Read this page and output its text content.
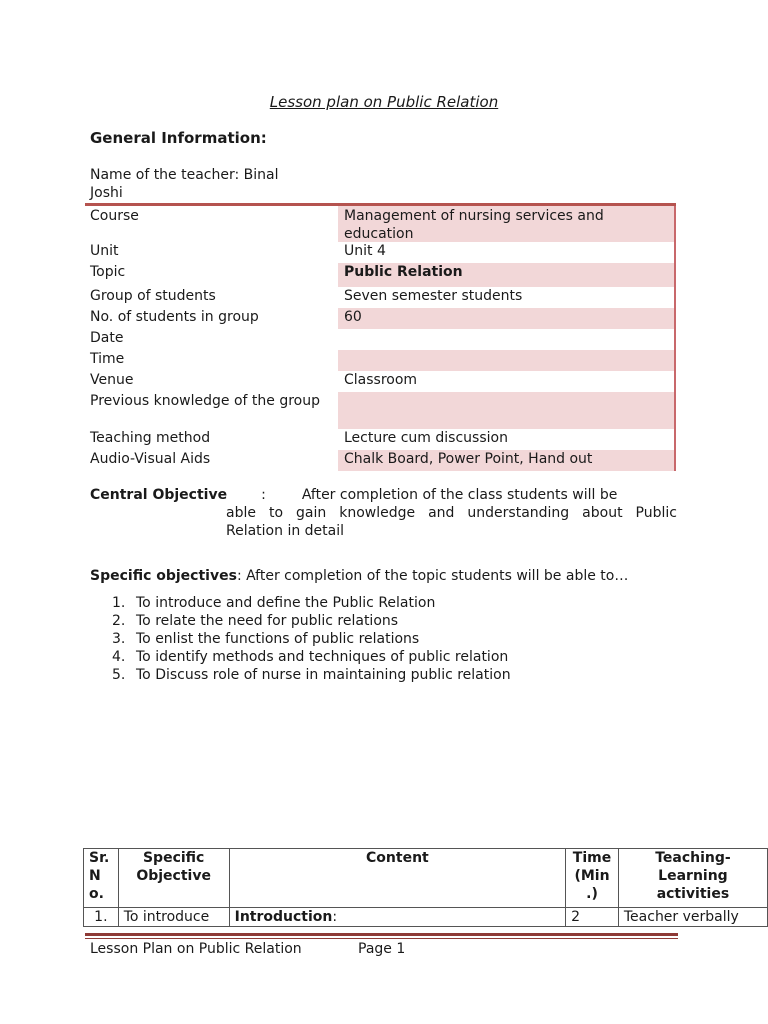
Lesson plan on Public Relation
General Information:
Name of the teacher: Binal Joshi
Course	Management of nursing services and education
Unit	Unit 4
Topic	Public Relation
Group of students	Seven semester students
No. of students in group	60
Date
Time
Venue	Classroom
Previous knowledge of the group
Teaching method	Lecture cum discussion
Audio-Visual Aids	Chalk Board, Power Point, Hand out
Central Objective :	After completion of the class students will be
able to gain knowledge and understanding about Public Relation in detail
Specific objectives: After completion of the topic students will be able to…
1. To introduce and define the Public Relation
2. To relate the need for public relations
3. To enlist the functions of public relations
4. To identify methods and techniques of public relation
5. To Discuss role of nurse in maintaining public relation
Sr. N o.	Specific Objective	Content	Time (Min .)	Teaching-Learning activities
1.	To introduce	Introduction:	2	Teacher verbally
Lesson Plan on Public Relation	Page 1
